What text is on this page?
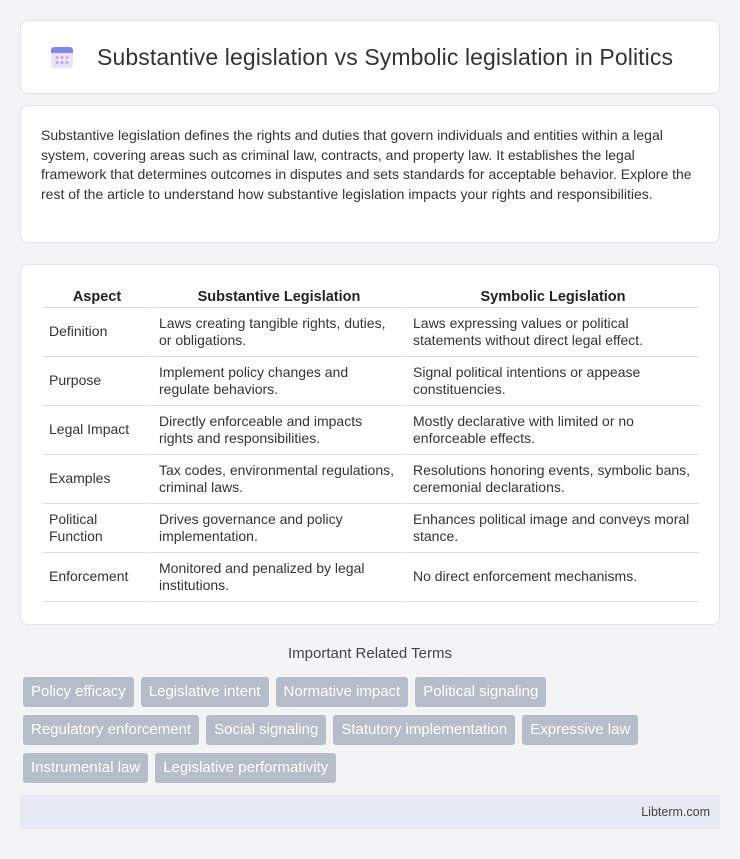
Substantive legislation vs Symbolic legislation in Politics

Substantive legislation defines the rights and duties that govern individuals and entities within a legal system, covering areas such as criminal law, contracts, and property law. It establishes the legal framework that determines outcomes in disputes and sets standards for acceptable behavior. Explore the rest of the article to understand how substantive legislation impacts your rights and responsibilities.

Aspect	Substantive Legislation	Symbolic Legislation
Definition	Laws creating tangible rights, duties, or obligations.	Laws expressing values or political statements without direct legal effect.
Purpose	Implement policy changes and regulate behaviors.	Signal political intentions or appease constituencies.
Legal Impact	Directly enforceable and impacts rights and responsibilities.	Mostly declarative with limited or no enforceable effects.
Examples	Tax codes, environmental regulations, criminal laws.	Resolutions honoring events, symbolic bans, ceremonial declarations.
Political Function	Drives governance and policy implementation.	Enhances political image and conveys moral stance.
Enforcement	Monitored and penalized by legal institutions.	No direct enforcement mechanisms.
Important Related Terms
Policy efficacy	Legislative intent	Normative impact	Political signaling
Regulatory enforcement	Social signaling	Statutory implementation	Expressive law
Instrumental law	Legislative performativity
Libterm.com
